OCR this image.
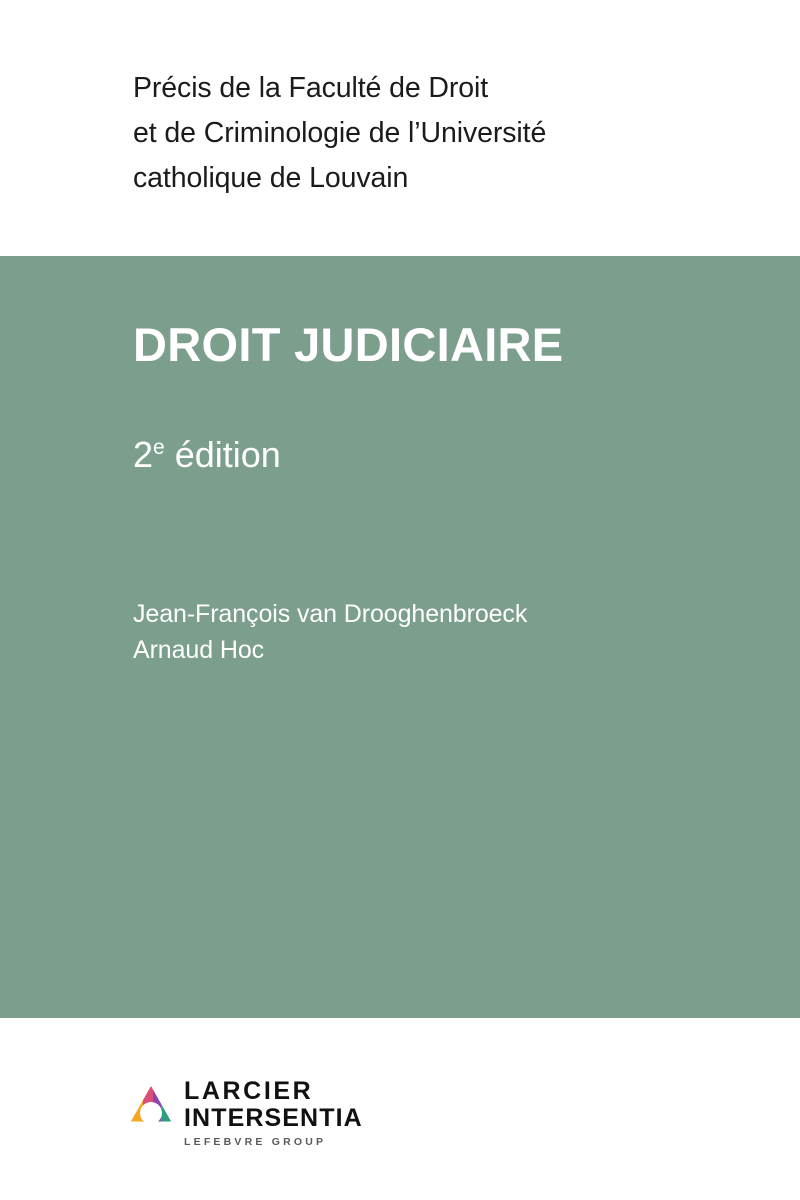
Précis de la Faculté de Droit
et de Criminologie de l’Université
catholique de Louvain
DROIT JUDICIAIRE
2e édition
Jean-François van Drooghenbroeck
Arnaud Hoc
LARCIER
INTERSENTIA
LEFEBVRE GROUP
